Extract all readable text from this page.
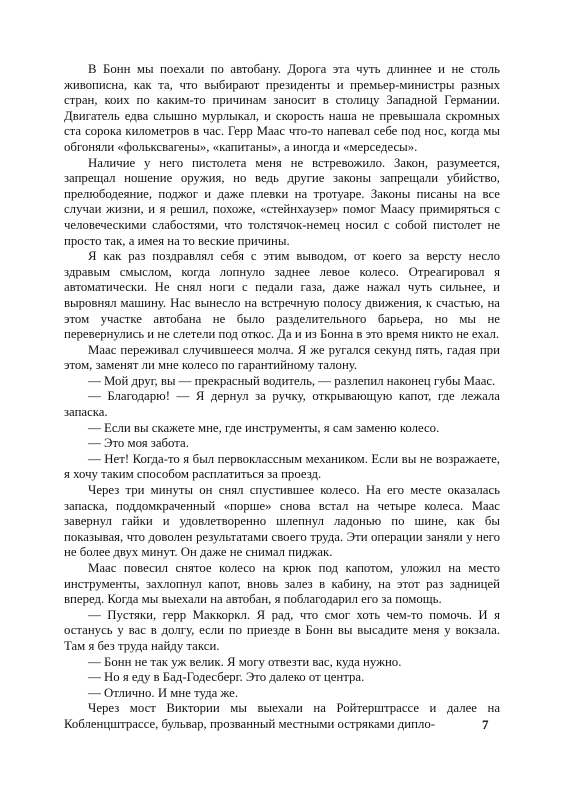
В Бонн мы поехали по автобану. Дорога эта чуть длиннее и не столь живописна, как та, что выбирают президенты и премьер-министры разных стран, коих по каким-то причинам заносит в столицу Западной Германии. Двигатель едва слышно мурлыкал, и скорость наша не превышала скромных ста сорока километров в час. Герр Маас что-то напевал себе под нос, когда мы обгоняли «фольксвагены», «капитаны», а иногда и «мерседесы».

Наличие у него пистолета меня не встревожило. Закон, разумеется, запрещал ношение оружия, но ведь другие законы запрещали убийство, прелюбодеяние, поджог и даже плевки на тротуаре. Законы писаны на все случаи жизни, и я решил, похоже, «стейнхаузер» помог Маасу примиряться с человеческими слабостями, что толстячок-немец носил с собой пистолет не просто так, а имея на то веские причины.

Я как раз поздравлял себя с этим выводом, от коего за версту несло здравым смыслом, когда лопнуло заднее левое колесо. Отреагировал я автоматически. Не снял ноги с педали газа, даже нажал чуть сильнее, и выровнял машину. Нас вынесло на встречную полосу движения, к счастью, на этом участке автобана не было разделительного барьера, но мы не перевернулись и не слетели под откос. Да и из Бонна в это время никто не ехал.

Маас переживал случившееся молча. Я же ругался секунд пять, гадая при этом, заменят ли мне колесо по гарантийному талону.

— Мой друг, вы — прекрасный водитель, — разлепил наконец губы Маас.

— Благодарю! — Я дернул за ручку, открывающую капот, где лежала запаска.

— Если вы скажете мне, где инструменты, я сам заменю колесо.

— Это моя забота.

— Нет! Когда-то я был первоклассным механиком. Если вы не возражаете, я хочу таким способом расплатиться за проезд.

Через три минуты он снял спустившее колесо. На его месте оказалась запаска, поддомкраченный «порше» снова встал на четыре колеса. Маас завернул гайки и удовлетворенно шлепнул ладонью по шине, как бы показывая, что доволен результатами своего труда. Эти операции заняли у него не более двух минут. Он даже не снимал пиджак.

Маас повесил снятое колесо на крюк под капотом, уложил на место инструменты, захлопнул капот, вновь залез в кабину, на этот раз задницей вперед. Когда мы выехали на автобан, я поблагодарил его за помощь.

— Пустяки, герр Маккоркл. Я рад, что смог хоть чем-то помочь. И я останусь у вас в долгу, если по приезде в Бонн вы высадите меня у вокзала. Там я без труда найду такси.

— Бонн не так уж велик. Я могу отвезти вас, куда нужно.

— Но я еду в Бад-Годесберг. Это далеко от центра.

— Отлично. И мне туда же.

Через мост Виктории мы выехали на Ройтерштрассе и далее на Кобленцштрассе, бульвар, прозванный местными остряками дипло-	7
